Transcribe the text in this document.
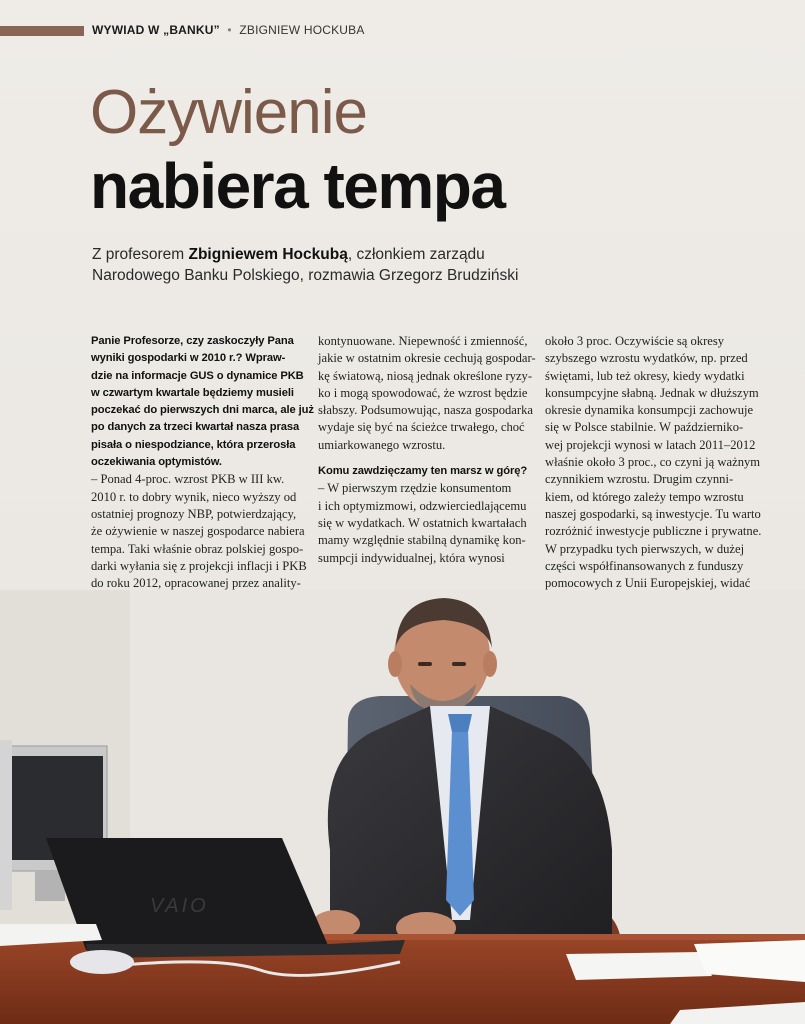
WYWIAD W „BANKU” • ZBIGNIEW HOCKUBA
Ożywienie
nabiera tempa
Z profesorem Zbigniewem Hockubą, członkiem zarządu
Narodowego Banku Polskiego, rozmawia Grzegorz Brudziński

Panie Profesorze, czy zaskoczyły Pana
wyniki gospodarki w 2010 r.? Wpraw-
dzie na informacje GUS o dynamice PKB
w czwartym kwartale będziemy musieli
poczekać do pierwszych dni marca, ale już
po danych za trzeci kwartał nasza prasa
pisała o niespodziance, która przerosła
oczekiwania optymistów.

– Ponad 4-proc. wzrost PKB w III kw.
2010 r. to dobry wynik, nieco wyższy od
ostatniej prognozy NBP, potwierdzający,
że ożywienie w naszej gospodarce nabiera
tempa. Taki właśnie obraz polskiej gospo-
darki wyłania się z projekcji inflacji i PKB
do roku 2012, opracowanej przez anality-

kontynuowane. Niepewność i zmienność,
jakie w ostatnim okresie cechują gospodar-
kę światową, niosą jednak określone ryzy-
ko i mogą spowodować, że wzrost będzie
słabszy. Podsumowując, nasza gospodarka
wydaje się być na ścieżce trwałego, choć
umiarkowanego wzrostu.

Komu zawdzięczamy ten marsz w górę?

– W pierwszym rzędzie konsumentom
i ich optymizmowi, odzwierciedlającemu
się w wydatkach. W ostatnich kwartałach
mamy względnie stabilną dynamikę kon-
sumpcji indywidualnej, która wynosi

około 3 proc. Oczywiście są okresy
szybszego wzrostu wydatków, np. przed
świętami, lub też okresy, kiedy wydatki
konsumpcyjne słabną. Jednak w dłuższym
okresie dynamika konsumpcji zachowuje
się w Polsce stabilnie. W październiko-
wej projekcji wynosi w latach 2011–2012
właśnie około 3 proc., co czyni ją ważnym
czynnikiem wzrostu. Drugim czynni-
kiem, od którego zależy tempo wzrostu
naszej gospodarki, są inwestycje. Tu warto
rozróżnić inwestycje publiczne i prywatne.
W przypadku tych pierwszych, w dużej
części współfinansowanych z funduszy
pomocowych z Unii Europejskiej, widać

VAIO
